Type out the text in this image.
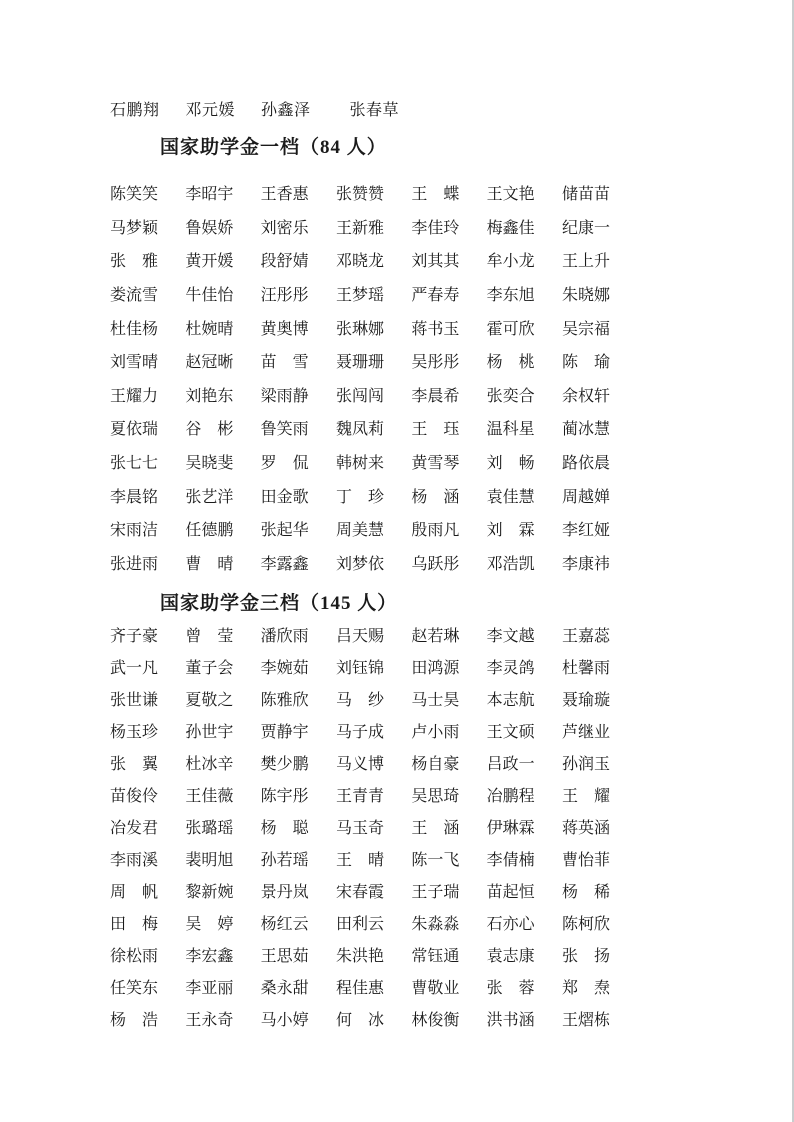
石鹏翔 邓元媛 孙鑫泽 张春草
国家助学金一档（84 人）
陈笑笑 李昭宇 王香惠 张赞赞 王　蝶 王文艳 储苗苗
马梦颖 鲁娱娇 刘密乐 王新雅 李佳玲 梅鑫佳 纪康一
张　雅 黄开媛 段舒婧 邓晓龙 刘其其 牟小龙 王上升
娄流雪 牛佳怡 汪彤彤 王梦瑶 严春寿 李东旭 朱晓娜
杜佳杨 杜婉晴 黄奥博 张琳娜 蒋书玉 霍可欣 吴宗福
刘雪晴 赵冠晰 苗　雪 聂珊珊 吴彤彤 杨　桃 陈　瑜
王耀力 刘艳东 梁雨静 张闯闯 李晨希 张奕合 余权轩
夏依瑞 谷　彬 鲁笑雨 魏凤莉 王　珏 温科星 蔺冰慧
张七七 吴晓斐 罗　侃 韩树来 黄雪琴 刘　畅 路依晨
李晨铭 张艺洋 田金歌 丁　珍 杨　涵 袁佳慧 周越婵
宋雨洁 任德鹏 张起华 周美慧 殷雨凡 刘　霖 李红娅
张进雨 曹　晴 李露鑫 刘梦依 乌跃彤 邓浩凯 李康祎
国家助学金三档（145 人）
齐子豪 曾　莹 潘欣雨 吕天赐 赵若琳 李文越 王嘉蕊
武一凡 董子会 李婉茹 刘钰锦 田鸿源 李灵鸽 杜馨雨
张世谦 夏敬之 陈雅欣 马　纱 马士昊 本志航 聂瑜璇
杨玉珍 孙世宇 贾静宇 马子成 卢小雨 王文硕 芦继业
张　翼 杜冰辛 樊少鹏 马义博 杨自豪 吕政一 孙润玉
苗俊伶 王佳薇 陈宇彤 王青青 吴思琦 冶鹏程 王　耀
冶发君 张璐瑶 杨　聪 马玉奇 王　涵 伊琳霖 蒋英涵
李雨溪 裴明旭 孙若瑶 王　晴 陈一飞 李倩楠 曹怡菲
周　帆 黎新婉 景丹岚 宋春霞 王子瑞 苗起恒 杨　稀
田　梅 吴　婷 杨红云 田利云 朱淼淼 石亦心 陈柯欣
徐松雨 李宏鑫 王思茹 朱洪艳 常钰通 袁志康 张　扬
任笑东 李亚丽 桑永甜 程佳惠 曹敬业 张　蓉 郑　焘
杨　浩 王永奇 马小婷 何　冰 林俊衡 洪书涵 王熠栋
